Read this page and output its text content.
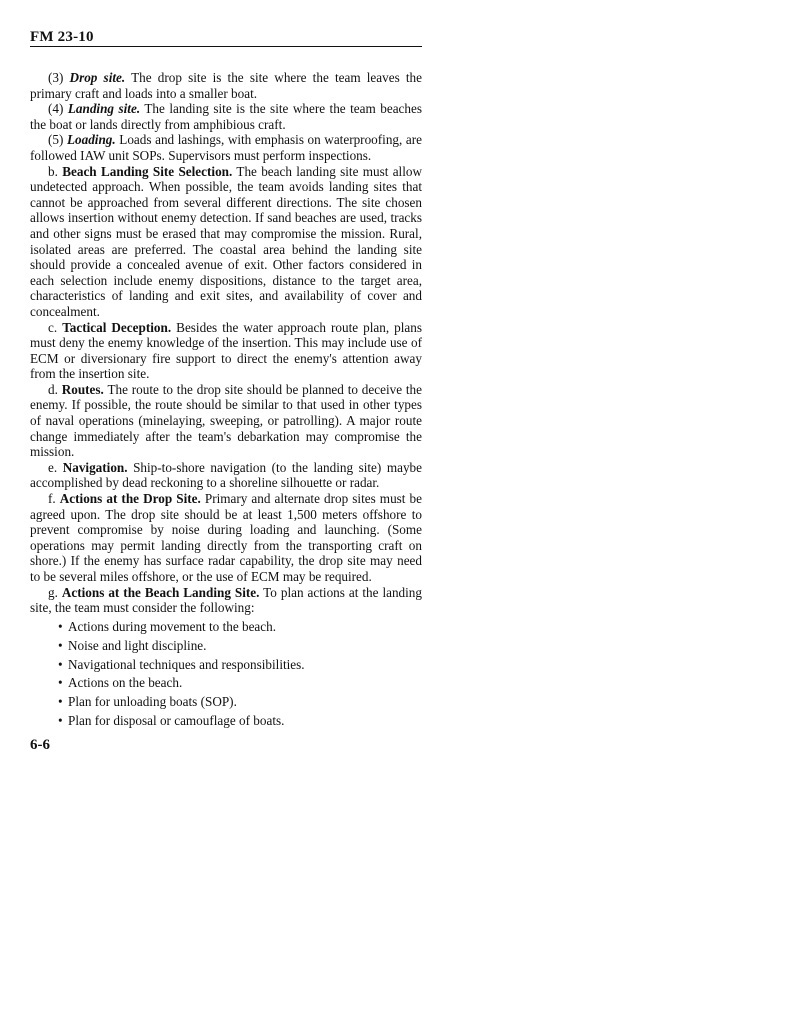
FM 23-10

(3) Drop site. The drop site is the site where the team leaves the primary craft and loads into a smaller boat.

(4) Landing site. The landing site is the site where the team beaches the boat or lands directly from amphibious craft.

(5) Loading. Loads and lashings, with emphasis on waterproofing, are followed IAW unit SOPs. Supervisors must perform inspections.

b. Beach Landing Site Selection. The beach landing site must allow undetected approach. When possible, the team avoids landing sites that cannot be approached from several different directions. The site chosen allows insertion without enemy detection. If sand beaches are used, tracks and other signs must be erased that may compromise the mission. Rural, isolated areas are preferred. The coastal area behind the landing site should provide a concealed avenue of exit. Other factors considered in each selection include enemy dispositions, distance to the target area, characteristics of landing and exit sites, and availability of cover and concealment.

c. Tactical Deception. Besides the water approach route plan, plans must deny the enemy knowledge of the insertion. This may include use of ECM or diversionary fire support to direct the enemy's attention away from the insertion site.

d. Routes. The route to the drop site should be planned to deceive the enemy. If possible, the route should be similar to that used in other types of naval operations (minelaying, sweeping, or patrolling). A major route change immediately after the team's debarkation may compromise the mission.

e. Navigation. Ship-to-shore navigation (to the landing site) maybe accomplished by dead reckoning to a shoreline silhouette or radar.

f. Actions at the Drop Site. Primary and alternate drop sites must be agreed upon. The drop site should be at least 1,500 meters offshore to prevent compromise by noise during loading and launching. (Some operations may permit landing directly from the transporting craft on shore.) If the enemy has surface radar capability, the drop site may need to be several miles offshore, or the use of ECM may be required.

g. Actions at the Beach Landing Site. To plan actions at the landing site, the team must consider the following:

• Actions during movement to the beach.
• Noise and light discipline.
• Navigational techniques and responsibilities.
• Actions on the beach.
• Plan for unloading boats (SOP).
• Plan for disposal or camouflage of boats.
6-6
